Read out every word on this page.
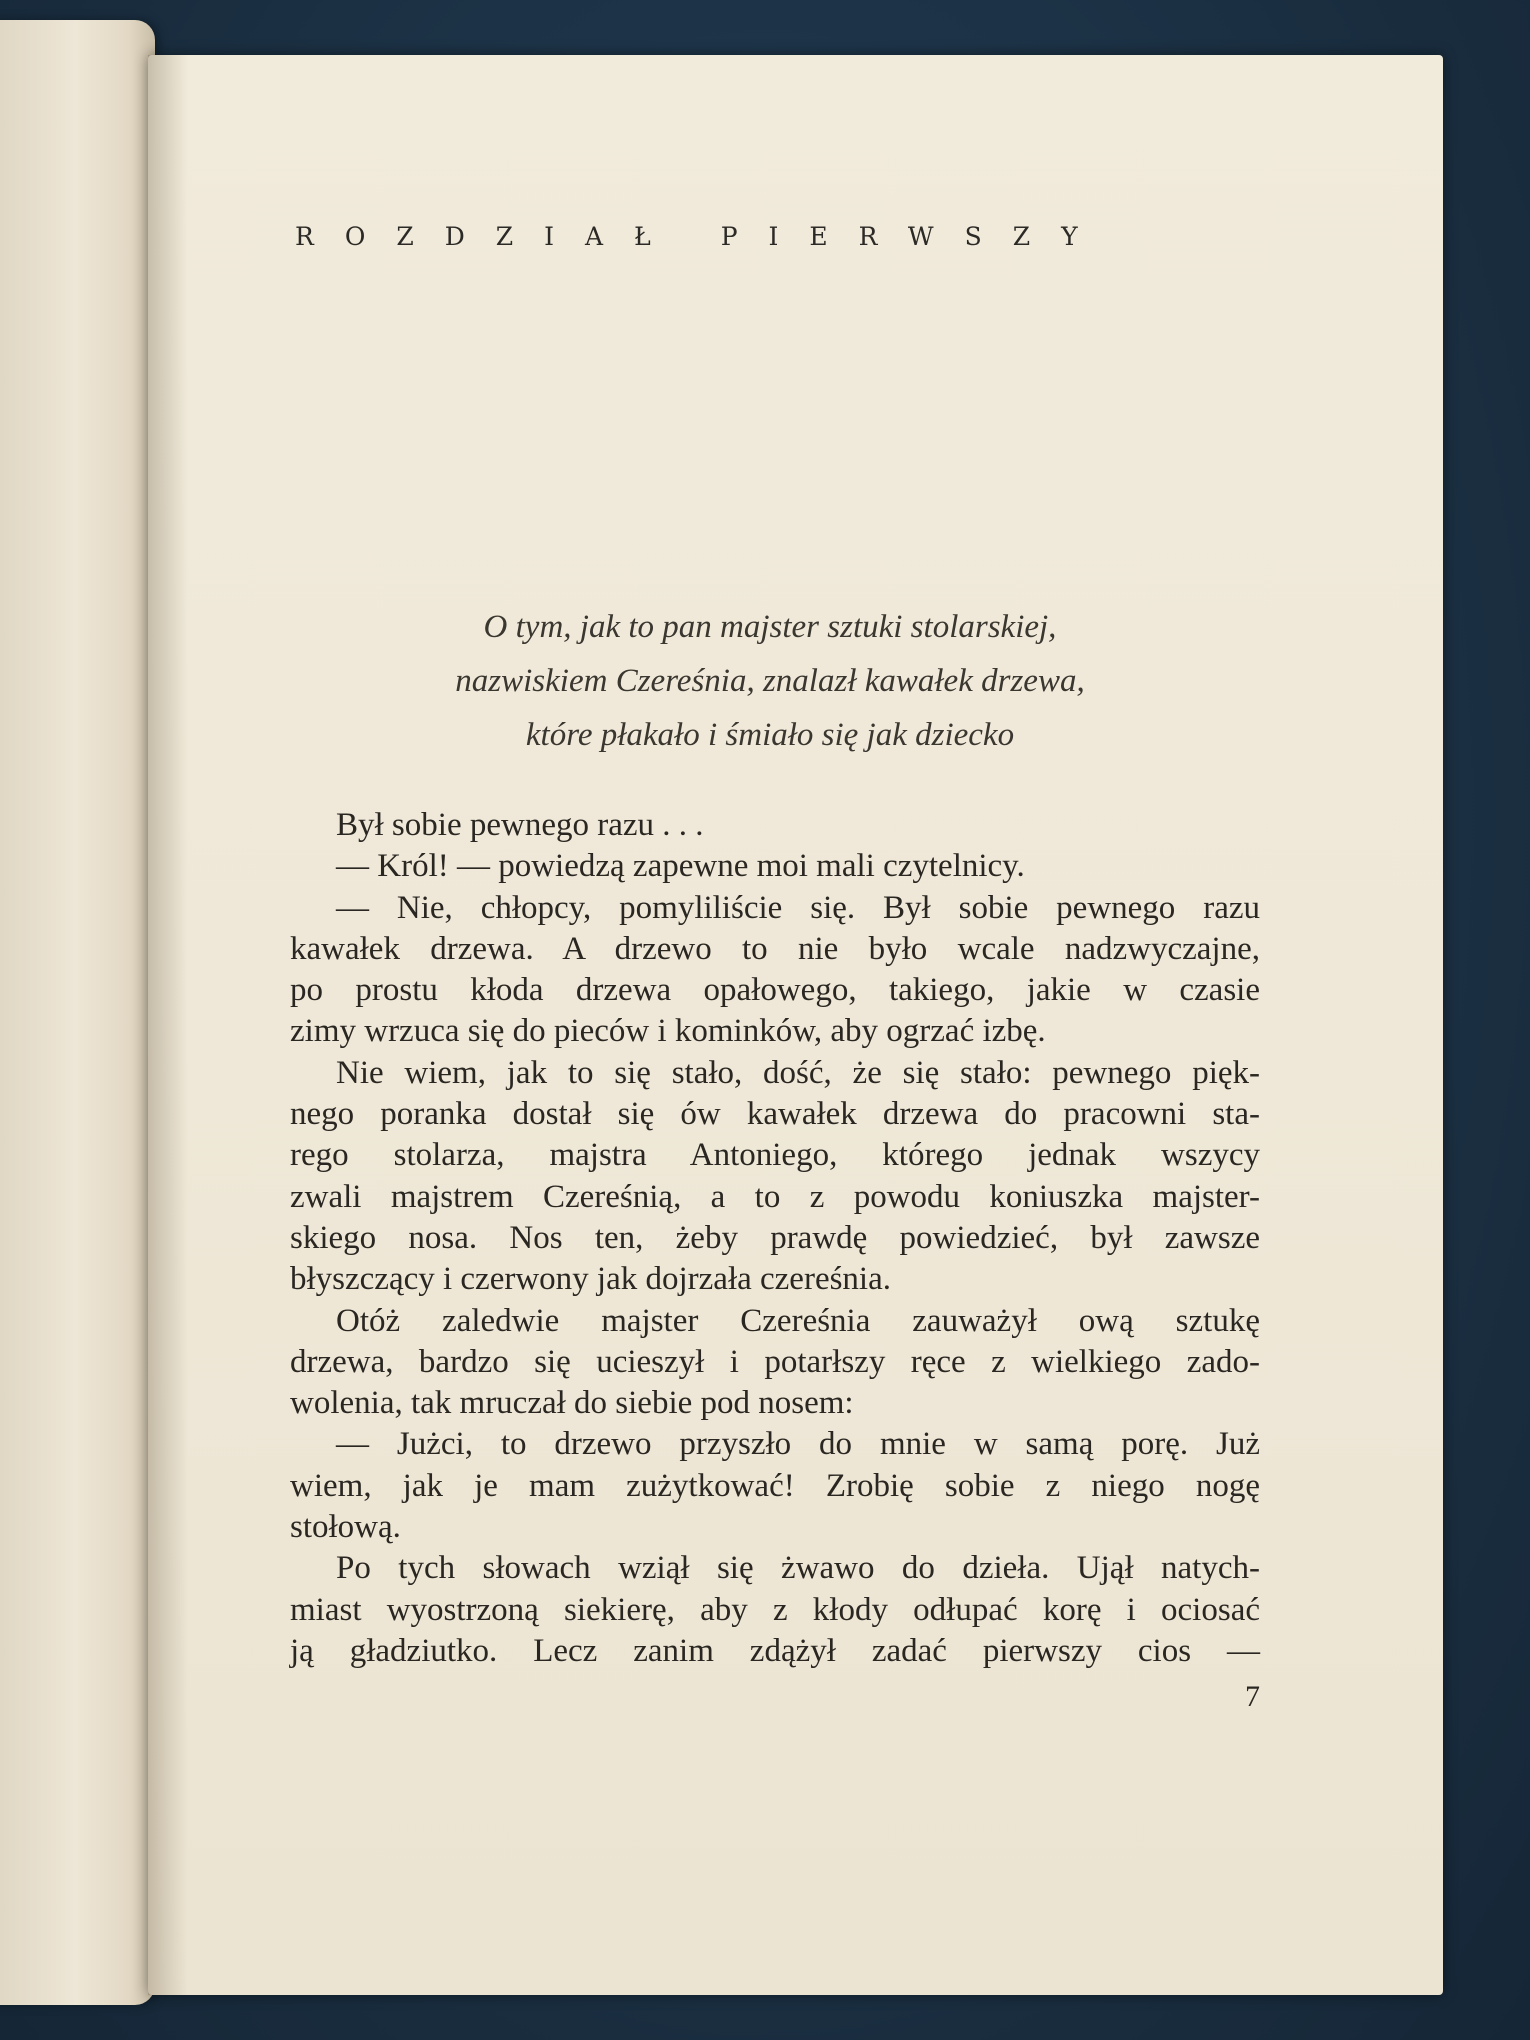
ROZDZIAŁ PIERWSZY
O tym, jak to pan majster sztuki stolarskiej,
nazwiskiem Czereśnia, znalazł kawałek drzewa,
które płakało i śmiało się jak dziecko
Był sobie pewnego razu . . .
— Król! — powiedzą zapewne moi mali czytelnicy.
— Nie, chłopcy, pomyliliście się. Był sobie pewnego razu
kawałek drzewa. A drzewo to nie było wcale nadzwyczajne,
po prostu kłoda drzewa opałowego, takiego, jakie w czasie
zimy wrzuca się do pieców i kominków, aby ogrzać izbę.
Nie wiem, jak to się stało, dość, że się stało: pewnego pięk-
nego poranka dostał się ów kawałek drzewa do pracowni sta-
rego stolarza, majstra Antoniego, którego jednak wszycy
zwali majstrem Czereśnią, a to z powodu koniuszka majster-
skiego nosa. Nos ten, żeby prawdę powiedzieć, był zawsze
błyszczący i czerwony jak dojrzała czereśnia.
Otóż zaledwie majster Czereśnia zauważył ową sztukę
drzewa, bardzo się ucieszył i potarłszy ręce z wielkiego zado-
wolenia, tak mruczał do siebie pod nosem:
— Jużci, to drzewo przyszło do mnie w samą porę. Już
wiem, jak je mam zużytkować! Zrobię sobie z niego nogę
stołową.
Po tych słowach wziął się żwawo do dzieła. Ujął natych-
miast wyostrzoną siekierę, aby z kłody odłupać korę i ociosać
ją gładziutko. Lecz zanim zdążył zadać pierwszy cios —
7
